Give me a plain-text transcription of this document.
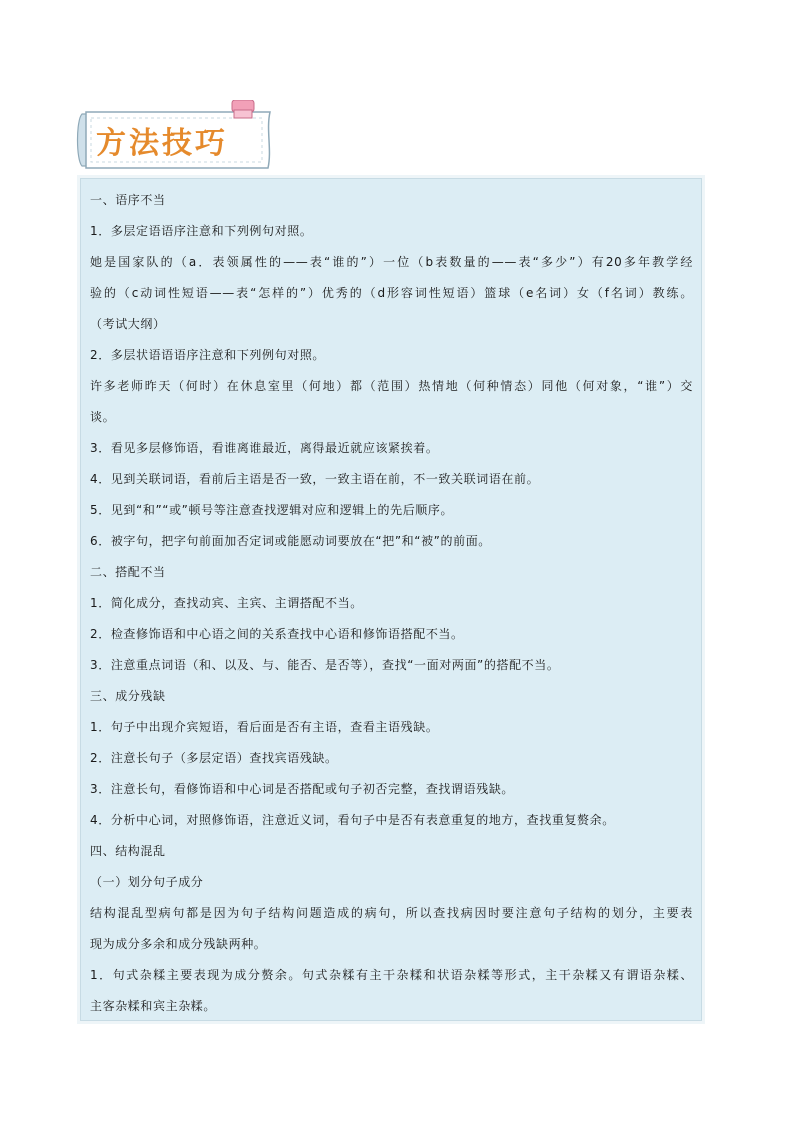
方法技巧
一、语序不当
1．多层定语语序注意和下列例句对照。
她是国家队的（a．表领属性的——表“谁的”）一位（b表数量的——表“多少”）有20多年教学经
验的（c动词性短语——表“怎样的”）优秀的（d形容词性短语）篮球（e名词）女（f名词）教练。
（考试大纲）
2．多层状语语语序注意和下列例句对照。
许多老师昨天（何时）在休息室里（何地）都（范围）热情地（何种情态）同他（何对象，“谁”）交
谈。
3．看见多层修饰语，看谁离谁最近，离得最近就应该紧挨着。
4．见到关联词语，看前后主语是否一致，一致主语在前，不一致关联词语在前。
5．见到“和”“或”顿号等注意查找逻辑对应和逻辑上的先后顺序。
6．被字句，把字句前面加否定词或能愿动词要放在“把”和“被”的前面。
二、搭配不当
1．简化成分，查找动宾、主宾、主谓搭配不当。
2．检查修饰语和中心语之间的关系查找中心语和修饰语搭配不当。
3．注意重点词语（和、以及、与、能否、是否等），查找“一面对两面”的搭配不当。
三、成分残缺
1．句子中出现介宾短语，看后面是否有主语，查看主语残缺。
2．注意长句子（多层定语）查找宾语残缺。
3．注意长句，看修饰语和中心词是否搭配或句子初否完整，查找谓语残缺。
4．分析中心词，对照修饰语，注意近义词，看句子中是否有表意重复的地方，查找重复赘余。
四、结构混乱
（一）划分句子成分
结构混乱型病句都是因为句子结构问题造成的病句，所以查找病因时要注意句子结构的划分，主要表
现为成分多余和成分残缺两种。
1．句式杂糅主要表现为成分赘余。句式杂糅有主干杂糅和状语杂糅等形式，主干杂糅又有谓语杂糅、
主客杂糅和宾主杂糅。
